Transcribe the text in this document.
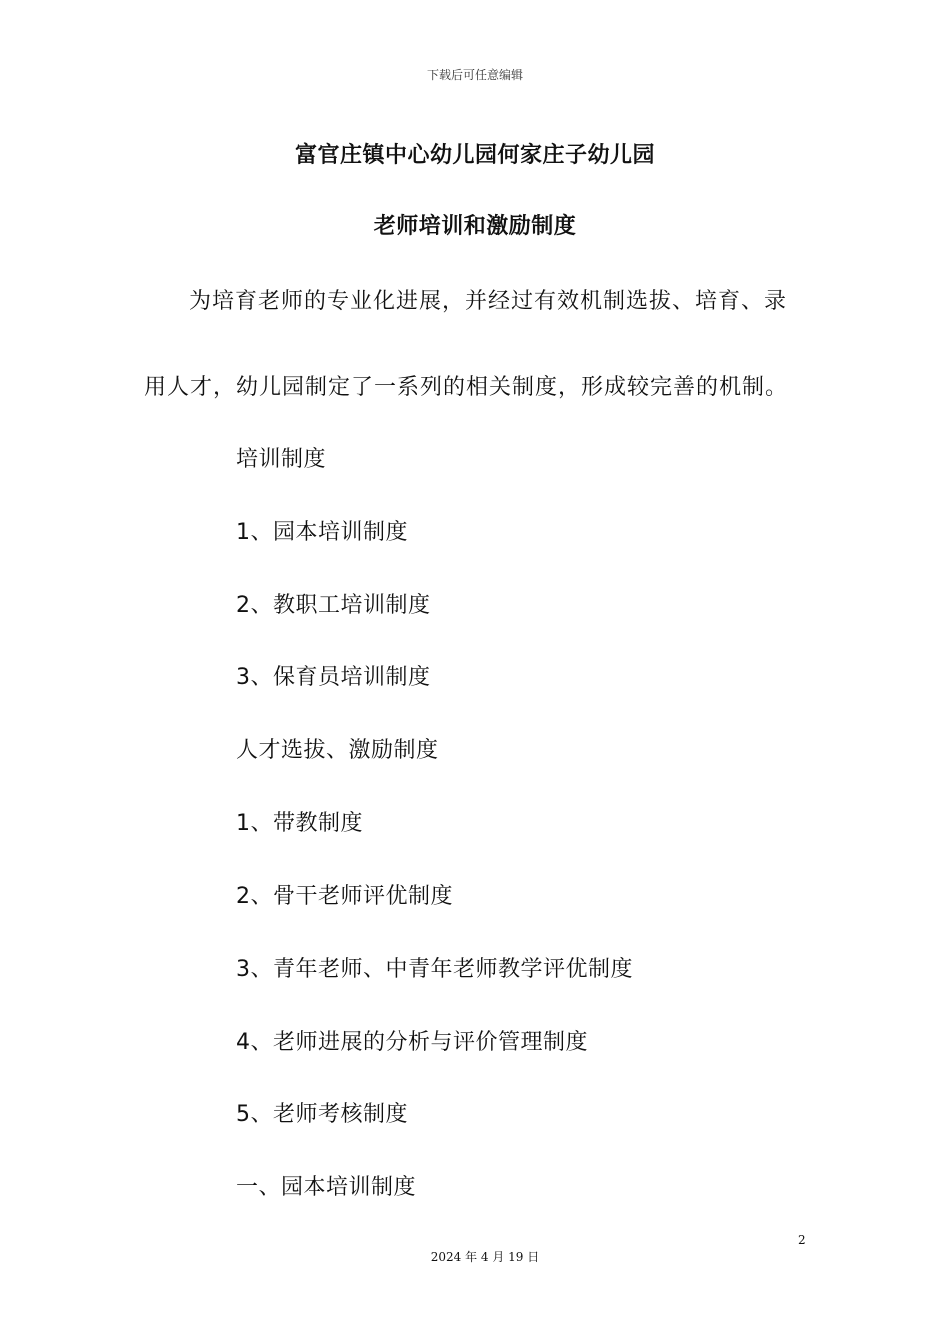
下载后可任意编辑
富官庄镇中心幼儿园何家庄子幼儿园
老师培训和激励制度
为培育老师的专业化进展，并经过有效机制选拔、培育、录
用人才，幼儿园制定了一系列的相关制度，形成较完善的机制。
培训制度
1、园本培训制度
2、教职工培训制度
3、保育员培训制度
人才选拔、激励制度
1、带教制度
2、骨干老师评优制度
3、青年老师、中青年老师教学评优制度
4、老师进展的分析与评价管理制度
5、老师考核制度
一、园本培训制度
2
2024 年 4 月 19 日
